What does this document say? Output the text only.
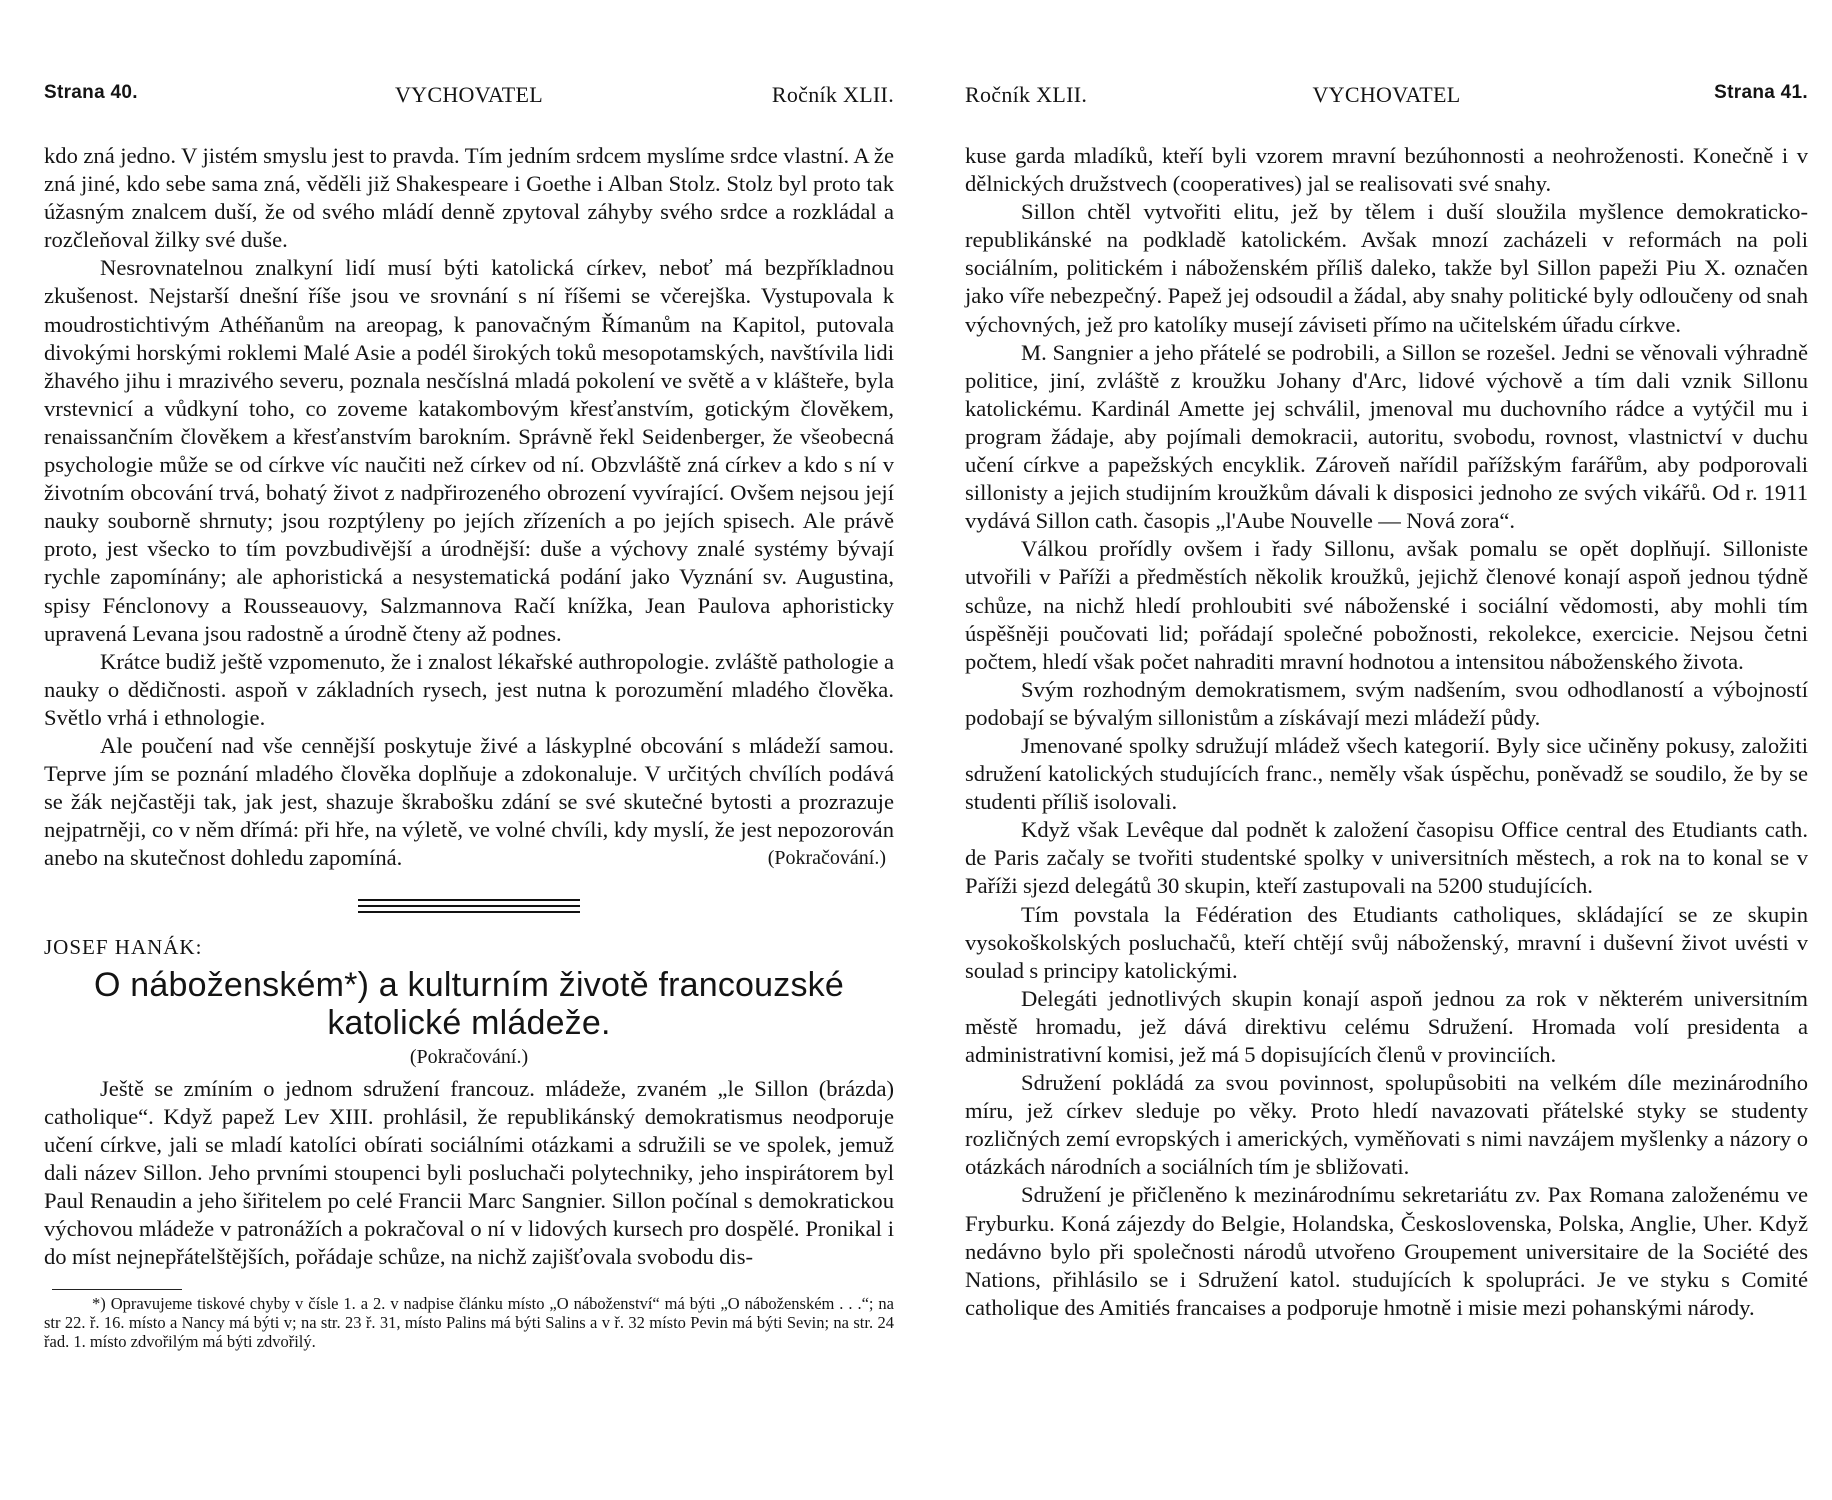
Strana 40.	VYCHOVATEL	Ročník XLII.

kdo zná jedno. V jistém smyslu jest to pravda. Tím jedním srdcem myslíme srdce vlastní. A že zná jiné, kdo sebe sama zná, věděli již Shakespeare i Goethe i Alban Stolz. Stolz byl proto tak úžasným znalcem duší, že od svého mládí denně zpytoval záhyby svého srdce a rozkládal a rozčleňoval žilky své duše.

Nesrovnatelnou znalkyní lidí musí býti katolická církev, neboť má bezpříkladnou zkušenost. Nejstarší dnešní říše jsou ve srovnání s ní říšemi se včerejška. Vystupovala k moudrostichtivým Athéňanům na areopag, k panovačným Římanům na Kapitol, putovala divokými horskými roklemi Malé Asie a podél širokých toků mesopotamských, navštívila lidi žhavého jihu i mrazivého severu, poznala nesčíslná mladá pokolení ve světě a v klášteře, byla vrstevnicí a vůdkyní toho, co zoveme katakombovým křesťanstvím, gotickým člověkem, renaissančním člověkem a křesťanstvím barokním. Správně řekl Seidenberger, že všeobecná psychologie může se od církve víc naučiti než církev od ní. Obzvláště zná církev a kdo s ní v životním obcování trvá, bohatý život z nadpřirozeného obrození vyvírající. Ovšem nejsou její nauky souborně shrnuty; jsou rozptýleny po jejích zřízeních a po jejích spisech. Ale právě proto, jest všecko to tím povzbudivější a úrodnější: duše a výchovy znalé systémy bývají rychle zapomínány; ale aphoristická a nesystematická podání jako Vyznání sv. Augustina, spisy Fénclonovy a Rousseauovy, Salzmannova Račí knížka, Jean Paulova aphoristicky upravená Levana jsou radostně a úrodně čteny až podnes.

Krátce budiž ještě vzpomenuto, že i znalost lékařské authropologie. zvláště pathologie a nauky o dědičnosti. aspoň v základních rysech, jest nutna k porozumění mladého člověka. Světlo vrhá i ethnologie.

Ale poučení nad vše cennější poskytuje živé a láskyplné obcování s mládeží samou. Teprve jím se poznání mladého člověka doplňuje a zdokonaluje. V určitých chvílích podává se žák nejčastěji tak, jak jest, shazuje škrabošku zdání se své skutečné bytosti a prozrazuje nejpatrněji, co v něm dřímá: při hře, na výletě, ve volné chvíli, kdy myslí, že jest nepozorován anebo na skutečnost dohledu zapomíná.	(Pokračování.)
JOSEF HANÁK:
O náboženském*) a kulturním životě francouzské katolické mládeže.
(Pokračování.)

Ještě se zmíním o jednom sdružení francouz. mládeže, zvaném „le Sillon (brázda) catholique“. Když papež Lev XIII. prohlásil, že republikánský demokratismus neodporuje učení církve, jali se mladí katolíci obírati sociálními otázkami a sdružili se ve spolek, jemuž dali název Sillon. Jeho prvními stoupenci byli posluchači polytechniky, jeho inspirátorem byl Paul Renaudin a jeho šiřitelem po celé Francii Marc Sangnier. Sillon počínal s demokratickou výchovou mládeže v patronážích a pokračoval o ní v lidových kursech pro dospělé. Pronikal i do míst nejnepřátelštějších, pořádaje schůze, na nichž zajišťovala svobodu dis-

*) Opravujeme tiskové chyby v čísle 1. a 2. v nadpise článku místo „O náboženství“ má býti „O náboženském . . .“; na str 22. ř. 16. místo a Nancy má býti v; na str. 23 ř. 31, místo Palins má býti Salins a v ř. 32 místo Pevin má býti Sevin; na str. 24 řad. 1. místo zdvořilým má býti zdvořilý.

Ročník XLII.	VYCHOVATEL	Strana 41.

kuse garda mladíků, kteří byli vzorem mravní bezúhonnosti a neohroženosti. Konečně i v dělnických družstvech (cooperatives) jal se realisovati své snahy.

Sillon chtěl vytvořiti elitu, jež by tělem i duší sloužila myšlence demokraticko-republikánské na podkladě katolickém. Avšak mnozí zacházeli v reformách na poli sociálním, politickém i náboženském příliš daleko, takže byl Sillon papeži Piu X. označen jako víře nebezpečný. Papež jej odsoudil a žádal, aby snahy politické byly odloučeny od snah výchovných, jež pro katolíky musejí záviseti přímo na učitelském úřadu církve.

M. Sangnier a jeho přátelé se podrobili, a Sillon se rozešel. Jedni se věnovali výhradně politice, jiní, zvláště z kroužku Johany d'Arc, lidové výchově a tím dali vznik Sillonu katolickému. Kardinál Amette jej schválil, jmenoval mu duchovního rádce a vytýčil mu i program žádaje, aby pojímali demokracii, autoritu, svobodu, rovnost, vlastnictví v duchu učení církve a papežských encyklik. Zároveň nařídil pařížským farářům, aby podporovali sillonisty a jejich studijním kroužkům dávali k disposici jednoho ze svých vikářů. Od r. 1911 vydává Sillon cath. časopis „l'Aube Nouvelle — Nová zora“.

Válkou prořídly ovšem i řady Sillonu, avšak pomalu se opět doplňují. Silloniste utvořili v Paříži a předměstích několik kroužků, jejichž členové konají aspoň jednou týdně schůze, na nichž hledí prohloubiti své náboženské i sociální vědomosti, aby mohli tím úspěšněji poučovati lid; pořádají společné pobožnosti, rekolekce, exercicie. Nejsou četni počtem, hledí však počet nahraditi mravní hodnotou a intensitou náboženského života.

Svým rozhodným demokratismem, svým nadšením, svou odhodlaností a výbojností podobají se bývalým sillonistům a získávají mezi mládeží půdy.

Jmenované spolky sdružují mládež všech kategorií. Byly sice učiněny pokusy, založiti sdružení katolických studujících franc., neměly však úspěchu, poněvadž se soudilo, že by se studenti příliš isolovali.

Když však Levêque dal podnět k založení časopisu Office central des Etudiants cath. de Paris začaly se tvořiti studentské spolky v universitních městech, a rok na to konal se v Paříži sjezd delegátů 30 skupin, kteří zastupovali na 5200 studujících.

Tím povstala la Fédération des Etudiants catholiques, skládající se ze skupin vysokoškolských posluchačů, kteří chtějí svůj náboženský, mravní i duševní život uvésti v soulad s principy katolickými.

Delegáti jednotlivých skupin konají aspoň jednou za rok v některém universitním městě hromadu, jež dává direktivu celému Sdružení. Hromada volí presidenta a administrativní komisi, jež má 5 dopisujících členů v provinciích.

Sdružení pokládá za svou povinnost, spolupůsobiti na velkém díle mezinárodního míru, jež církev sleduje po věky. Proto hledí navazovati přátelské styky se studenty rozličných zemí evropských i amerických, vyměňovati s nimi navzájem myšlenky a názory o otázkách národních a sociálních tím je sbližovati.

Sdružení je přičleněno k mezinárodnímu sekretariátu zv. Pax Romana založenému ve Fryburku. Koná zájezdy do Belgie, Holandska, Československa, Polska, Anglie, Uher. Když nedávno bylo při společnosti národů utvořeno Groupement universitaire de la Société des Nations, přihlásilo se i Sdružení katol. studujících k spolupráci. Je ve styku s Comité catholique des Amitiés francaises a podporuje hmotně i misie mezi pohanskými národy.
